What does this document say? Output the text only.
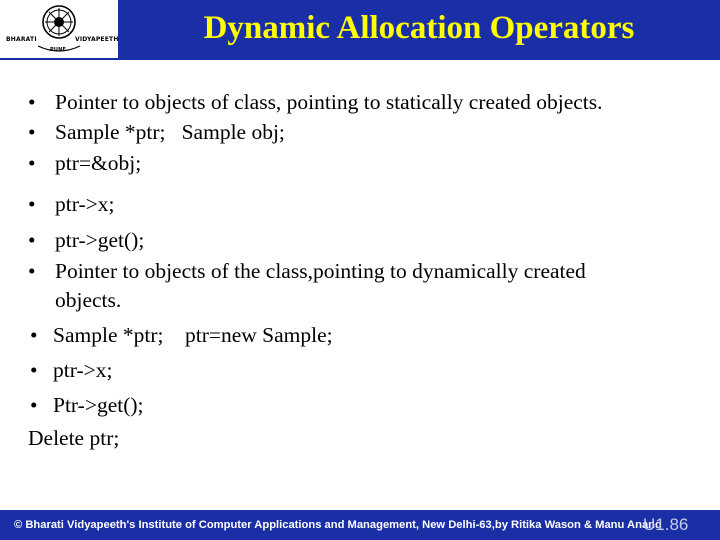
BHARATI	VIDYAPEETH
PUNE
Dynamic Allocation Operators
• Pointer to objects of class, pointing to statically created objects.
• Sample *ptr;   Sample obj;
• ptr=&obj;
• ptr->x;
• ptr->get();
• Pointer to objects of the class,pointing to dynamically created
objects.
• Sample *ptr;    ptr=new Sample;
• ptr->x;
• Ptr->get();
Delete ptr;
© Bharati Vidyapeeth's Institute of Computer Applications and Management, New Delhi-63,by Ritika Wason & Manu Anand
U1.86
